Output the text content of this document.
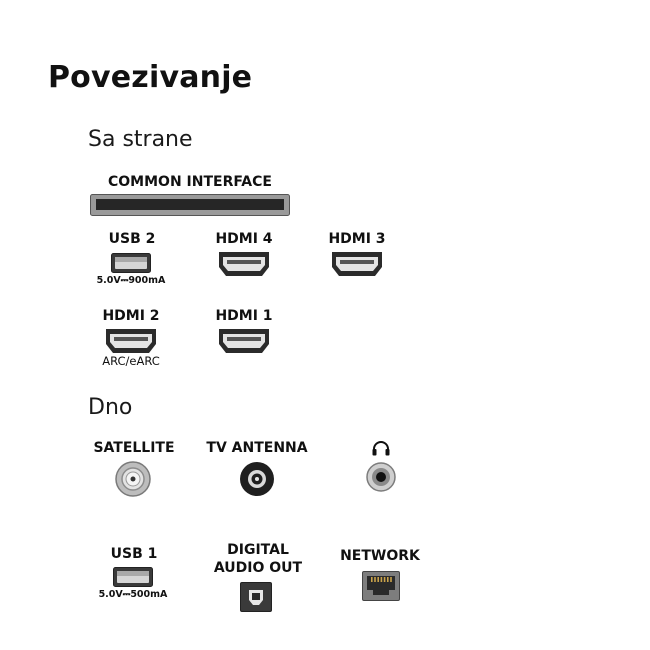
Povezivanje
Sa strane
COMMON INTERFACE
USB 2
5.0V⎓900mA
HDMI 4	HDMI 3
HDMI 2
ARC/eARC
HDMI 1
Dno
SATELLITE	TV ANTENNA
USB 1
5.0V⎓500mA
DIGITAL
AUDIO OUT
NETWORK
